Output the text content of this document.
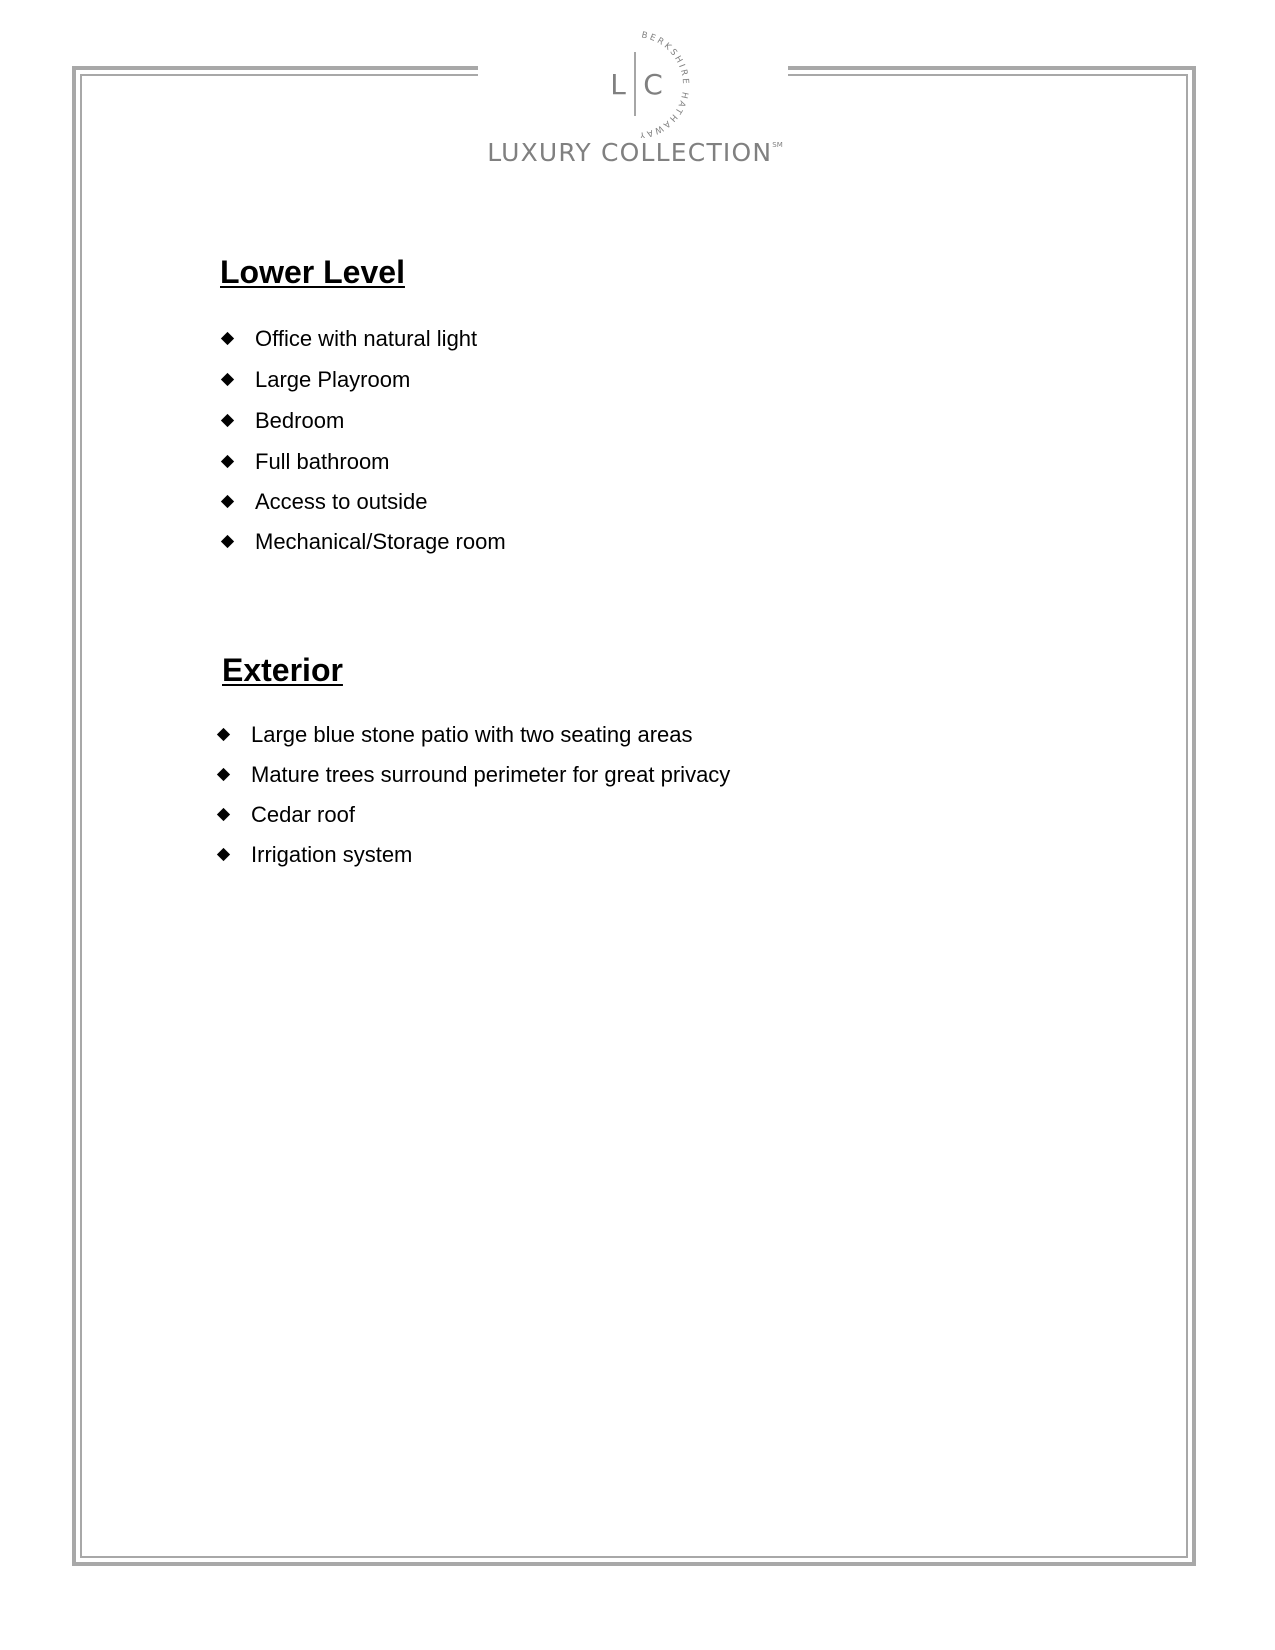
BERKSHIRE HATHAWAY
L C
LUXURY COLLECTION℠
Lower Level
Office with natural light
Large Playroom
Bedroom
Full bathroom
Access to outside
Mechanical/Storage room
Exterior
Large blue stone patio with two seating areas
Mature trees surround perimeter for great privacy
Cedar roof
Irrigation system
